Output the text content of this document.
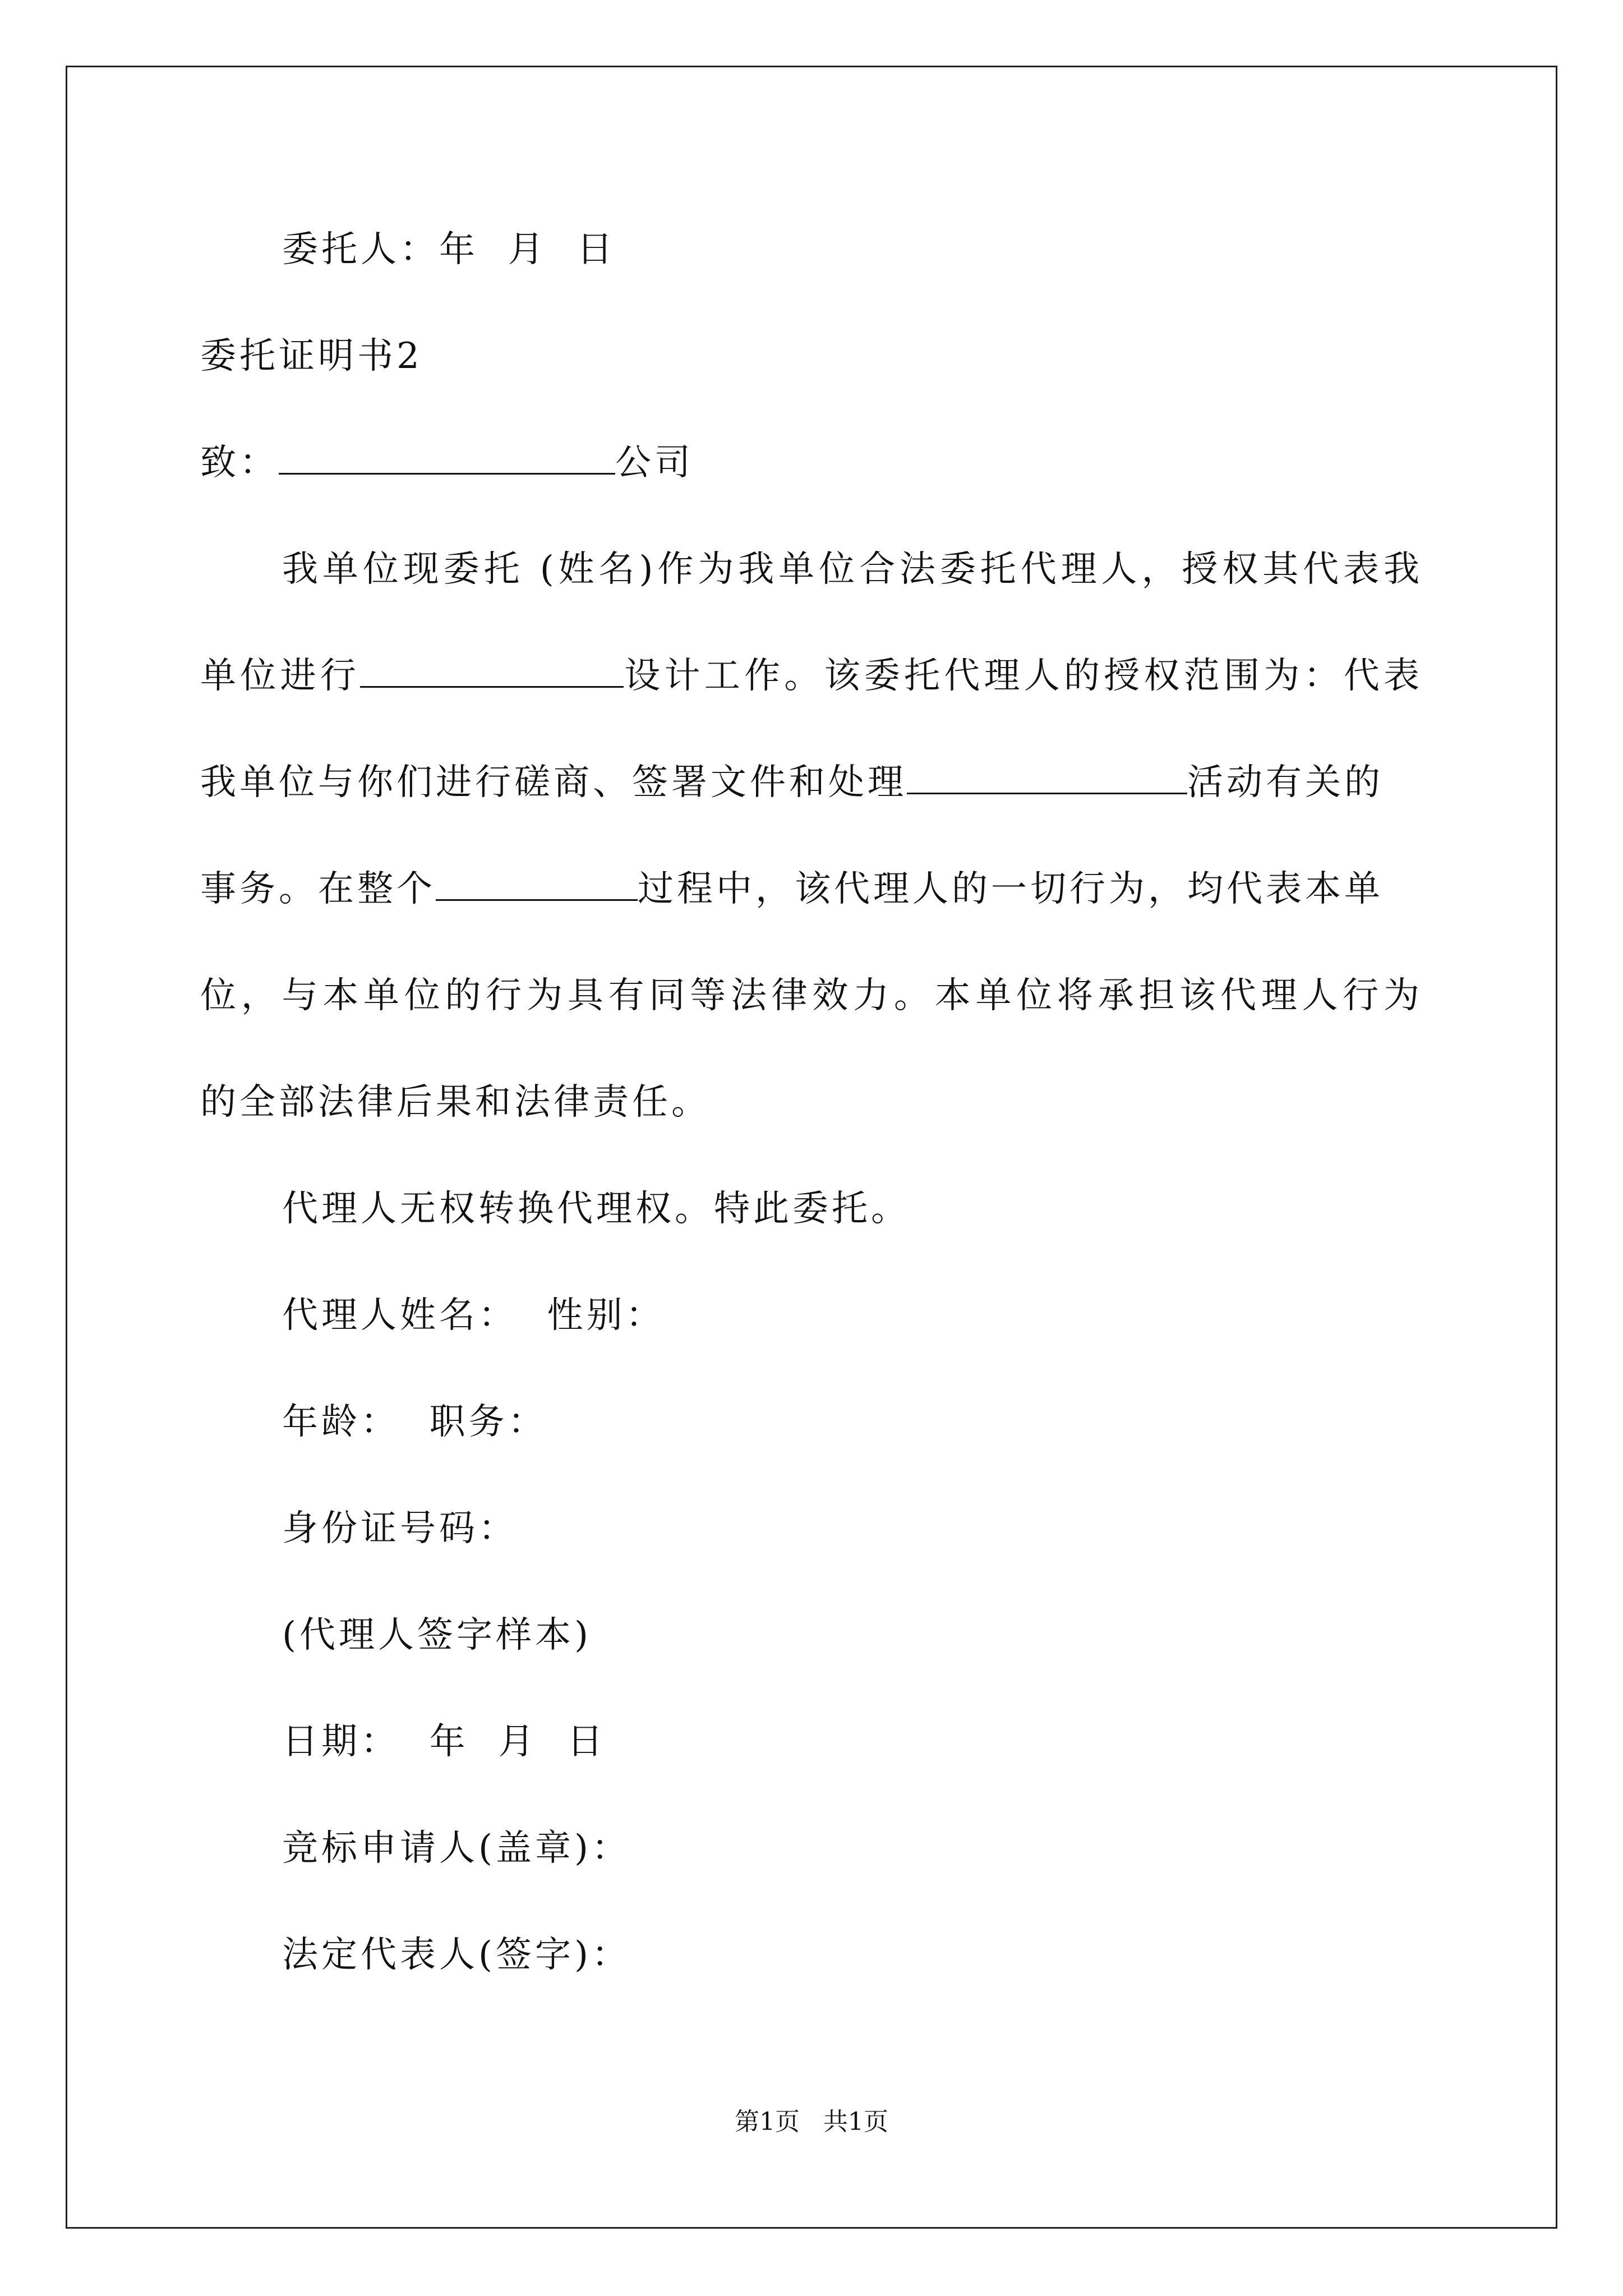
委托人：年  月  日
委托证明书2
致：	公司
我单位现委托 (姓名)作为我单位合法委托代理人，授权其代表我
单位进行	设计工作。该委托代理人的授权范围为：代表
我单位与你们进行磋商、签署文件和处理	活动有关的
事务。在整个	过程中，该代理人的一切行为，均代表本单
位，与本单位的行为具有同等法律效力。本单位将承担该代理人行为
的全部法律后果和法律责任。
代理人无权转换代理权。特此委托。
代理人姓名：  性别：
年龄：  职务：
身份证号码：
(代理人签字样本)
日期：  年  月  日
竞标申请人(盖章)：
法定代表人(签字)：
第1页   共1页
